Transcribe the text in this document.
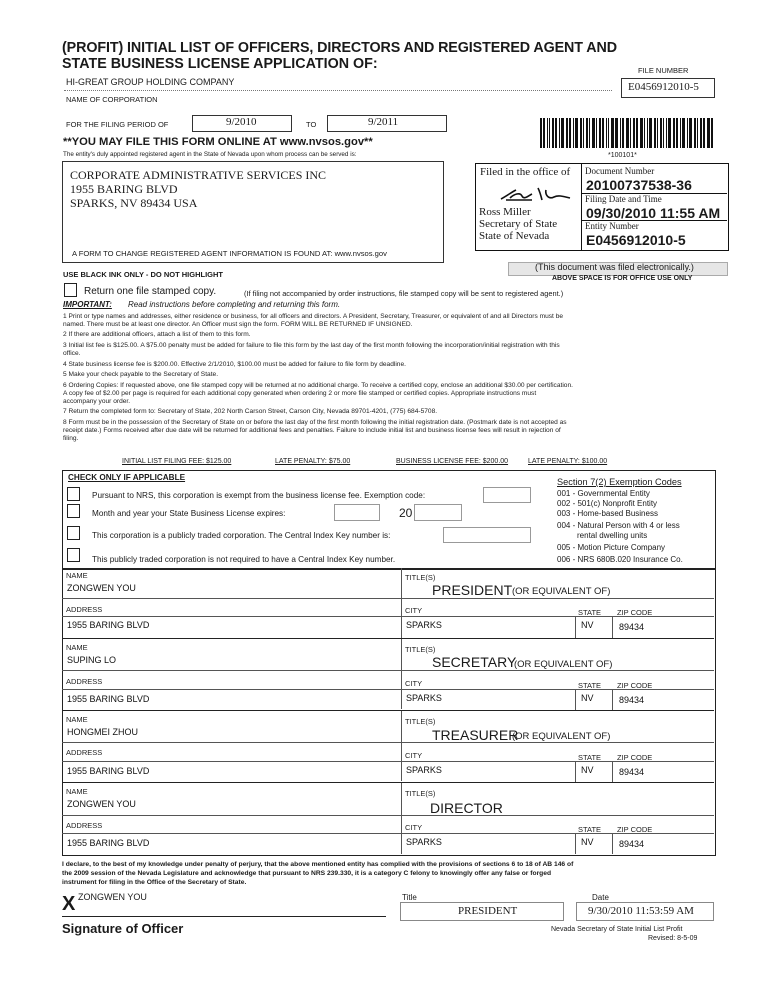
(PROFIT) INITIAL LIST OF OFFICERS, DIRECTORS AND REGISTERED AGENT AND
STATE BUSINESS LICENSE APPLICATION OF:	FILE NUMBER
E0456912010-5
HI-GREAT GROUP HOLDING COMPANY
NAME OF CORPORATION
FOR THE FILING PERIOD OF	9/2010	TO	9/2011
**YOU MAY FILE THIS FORM ONLINE AT www.nvsos.gov**
The entity's duly appointed registered agent in the State of Nevada upon whom process can be served is:	*100101*
CORPORATE ADMINISTRATIVE SERVICES INC
1955 BARING BLVD
SPARKS, NV 89434 USA
A FORM TO CHANGE REGISTERED AGENT INFORMATION IS FOUND AT: www.nvsos.gov
Filed in the office of
Ross Miller
Secretary of State
State of Nevada
Document Number
20100737538-36
Filing Date and Time
09/30/2010 11:55 AM
Entity Number
E0456912010-5
(This document was filed electronically.)
ABOVE SPACE IS FOR OFFICE USE ONLY
USE BLACK INK ONLY - DO NOT HIGHLIGHT
Return one file stamped copy.	(If filing not accompanied by order instructions, file stamped copy will be sent to registered agent.)
IMPORTANT: Read instructions before completing and returning this form.
1 Print or type names and addresses, either residence or business, for all officers and directors. A President, Secretary, Treasurer, or equivalent of and all Directors must be
named. There must be at least one director. An Officer must sign the form. FORM WILL BE RETURNED IF UNSIGNED.
2 If there are additional officers, attach a list of them to this form.
3 Initial list fee is $125.00. A $75.00 penalty must be added for failure to file this form by the last day of the first month following the incorporation/initial registration with this
office.
4 State business license fee is $200.00. Effective 2/1/2010, $100.00 must be added for failure to file form by deadline.
5 Make your check payable to the Secretary of State.
6 Ordering Copies: If requested above, one file stamped copy will be returned at no additional charge. To receive a certified copy, enclose an additional $30.00 per certification.
A copy fee of $2.00 per page is required for each additional copy generated when ordering 2 or more file stamped or certified copies. Appropriate instructions must
accompany your order.
7 Return the completed form to: Secretary of State, 202 North Carson Street, Carson City, Nevada 89701-4201, (775) 684-5708.
8 Form must be in the possession of the Secretary of State on or before the last day of the first month following the initial registration date. (Postmark date is not accepted as
receipt date.) Forms received after due date will be returned for additional fees and penalties. Failure to include initial list and business license fees will result in rejection of
filing.
INITIAL LIST FILING FEE: $125.00	LATE PENALTY: $75.00	BUSINESS LICENSE FEE: $200.00	LATE PENALTY: $100.00
CHECK ONLY IF APPLICABLE	Section 7(2) Exemption Codes
Pursuant to NRS, this corporation is exempt from the business license fee. Exemption code:
Month and year your State Business License expires:	20
This corporation is a publicly traded corporation. The Central Index Key number is:
This publicly traded corporation is not required to have a Central Index Key number.
001 - Governmental Entity
002 - 501(c) Nonprofit Entity
003 - Home-based Business
004 - Natural Person with 4 or less
rental dwelling units
005 - Motion Picture Company
006 - NRS 680B.020 Insurance Co.
NAME
ZONGWEN YOU
TITLE(S)
PRESIDENT (OR EQUIVALENT OF)
ADDRESS	CITY	STATE ZIP CODE
1955 BARING BLVD	SPARKS	NV	89434
NAME
SUPING LO
TITLE(S)
SECRETARY
(OR EQUIVALENT OF)
ADDRESS	CITY	STATE ZIP CODE
1955 BARING BLVD	SPARKS	NV	89434
NAME
HONGMEI ZHOU
TITLE(S)
TREASURER
(OR EQUIVALENT OF)
ADDRESS	CITY	STATE ZIP CODE
1955 BARING BLVD	SPARKS	NV	89434
NAME
ZONGWEN YOU
TITLE(S)
DIRECTOR
ADDRESS	CITY	STATE ZIP CODE
1955 BARING BLVD	SPARKS	NV	89434
I declare, to the best of my knowledge under penalty of perjury, that the above mentioned entity has complied with the provisions of sections 6 to 18 of AB 146 of
the 2009 session of the Nevada Legislature and acknowledge that pursuant to NRS 239.330, it is a category C felony to knowingly offer any false or forged
instrument for filing in the Office of the Secretary of State.
X ZONGWEN YOU
Signature of Officer
Title
PRESIDENT
Date
9/30/2010 11:53:59 AM
Nevada Secretary of State Initial List Profit
Revised: 8-5-09
